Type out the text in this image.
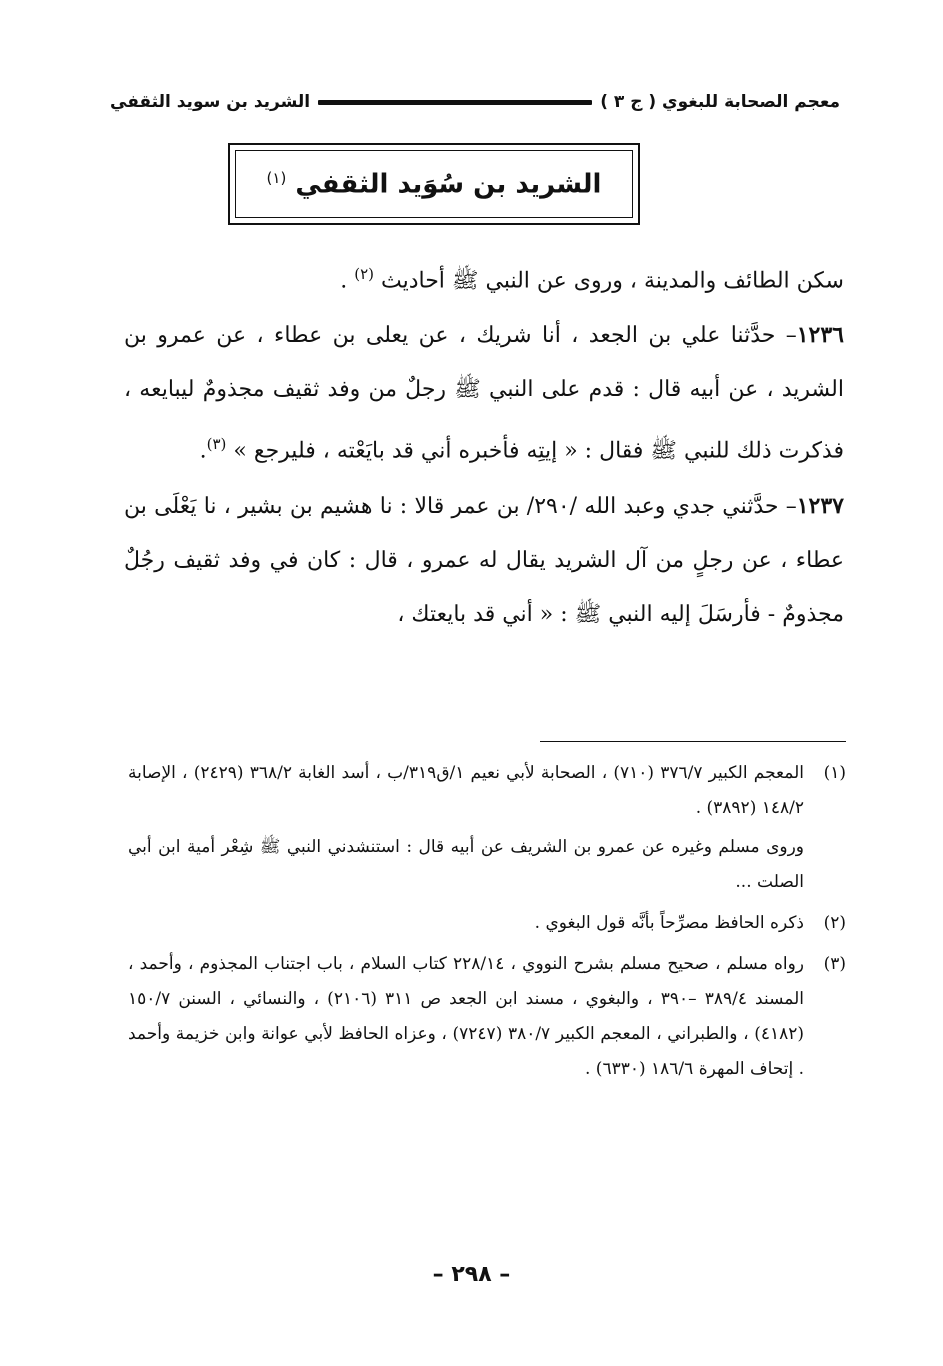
معجم الصحابة للبغوي ( ج ٣ )
الشريد بن سويد الثقفي
الشريد بن سُوَيد الثقفي $^{(١)}$

سكن الطائف والمدينة ، وروى عن النبي ﷺ أحاديث $^{(٢)}$ .

١٢٣٦– حدَّثنا علي بن الجعد ، أنا شريك ، عن يعلى بن عطاء ، عن عمرو بن الشريد ، عن أبيه قال : قدم على النبي ﷺ رجلٌ من وفد ثقيف مجذومٌ ليبايعه ، فذكرت ذلك للنبي ﷺ فقال : « إيتِه فأخبره أني قد بايَعْته ، فليرجع » $^{(٣)}$.

١٢٣٧– حدَّثني جدي وعبد الله /٢٩٠/ بن عمر قالا : نا هشيم بن بشير ، نا يَعْلَى بن عطاء ، عن رجلٍ من آل الشريد يقال له عمرو ، قال : كان في وفد ثقيف رجُلٌ مجذومٌ - فأرسَلَ إليه النبي ﷺ : « أني قد بايعتك ،

(١)
المعجم الكبير ٣٧٦/٧ (٧١٠) ، الصحابة لأبي نعيم ١/ق٣١٩/ب ، أسد الغابة ٣٦٨/٢ (٢٤٢٩) ، الإصابة ١٤٨/٢ (٣٨٩٢) .
وروى مسلم وغيره عن عمرو بن الشريف عن أبيه قال : استنشدني النبي ﷺ شِعْر أمية ابن أبي الصلت ...
(٢)
ذكره الحافظ مصرِّحاً بأنَّه قول البغوي .
(٣)
رواه مسلم ، صحيح مسلم بشرح النووي ، ٢٢٨/١٤ كتاب السلام ، باب اجتناب المجذوم ، وأحمد ، المسند ٣٨٩/٤ –٣٩٠ ، والبغوي ، مسند ابن الجعد ص ٣١١ (٢١٠٦) ، والنسائي ، السنن ١٥٠/٧ (٤١٨٢) ، والطبراني ، المعجم الكبير ٣٨٠/٧ (٧٢٤٧) ، وعزاه الحافظ لأبي عوانة وابن خزيمة وأحمد . إتحاف المهرة ١٨٦/٦ (٦٣٣٠) .
– ٢٩٨ –
